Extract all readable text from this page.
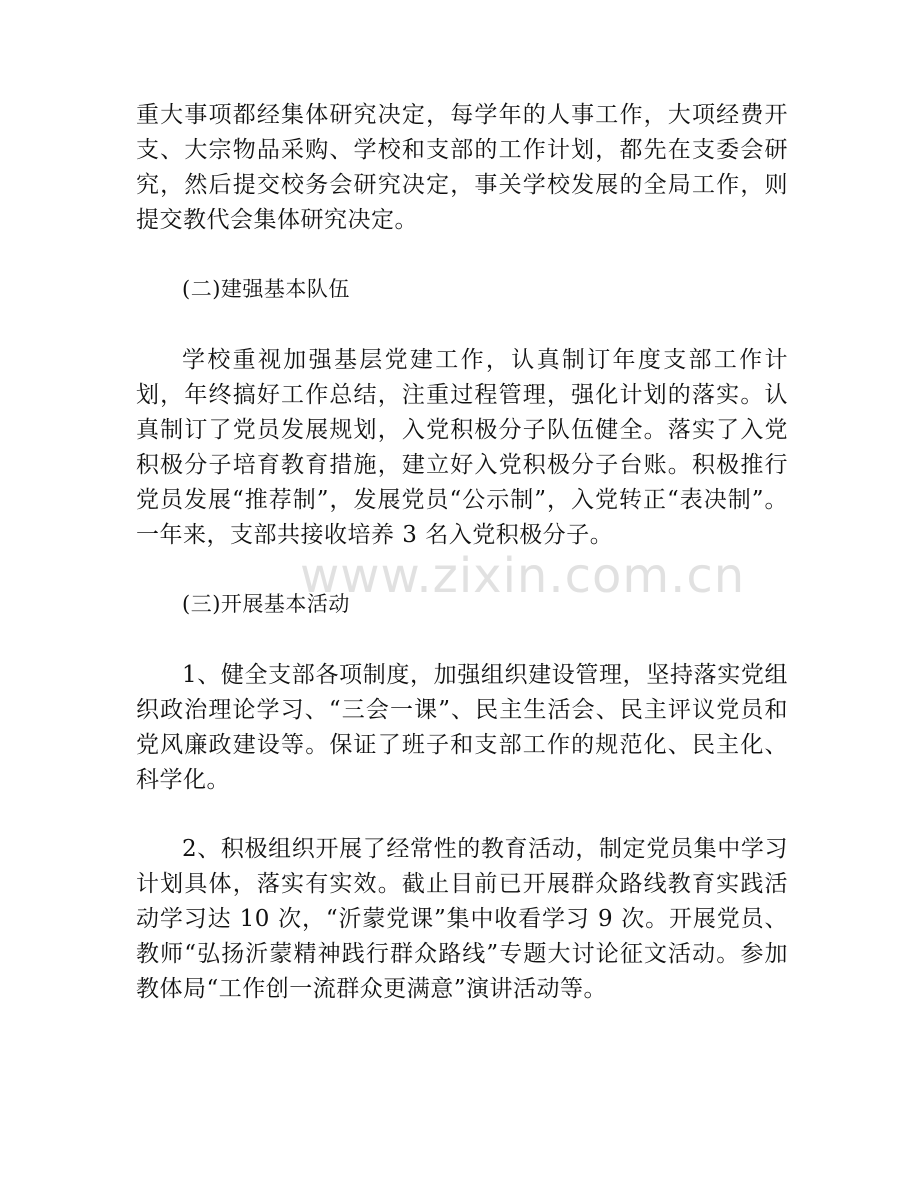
重大事项都经集体研究决定，每学年的人事工作，大项经费开支、大宗物品采购、学校和支部的工作计划，都先在支委会研究，然后提交校务会研究决定，事关学校发展的全局工作，则提交教代会集体研究决定。

(二)建强基本队伍

学校重视加强基层党建工作，认真制订年度支部工作计划，年终搞好工作总结，注重过程管理，强化计划的落实。认真制订了党员发展规划，入党积极分子队伍健全。落实了入党积极分子培育教育措施，建立好入党积极分子台账。积极推行党员发展“推荐制”，发展党员“公示制”，入党转正“表决制”。一年来，支部共接收培养 3 名入党积极分子。

(三)开展基本活动

1、健全支部各项制度，加强组织建设管理，坚持落实党组织政治理论学习、“三会一课”、民主生活会、民主评议党员和党风廉政建设等。保证了班子和支部工作的规范化、民主化、科学化。

2、积极组织开展了经常性的教育活动，制定党员集中学习计划具体，落实有实效。截止目前已开展群众路线教育实践活动学习达 10 次，“沂蒙党课”集中收看学习 9 次。开展党员、教师“弘扬沂蒙精神践行群众路线”专题大讨论征文活动。参加教体局“工作创一流群众更满意”演讲活动等。

www.zixin.com.cn
